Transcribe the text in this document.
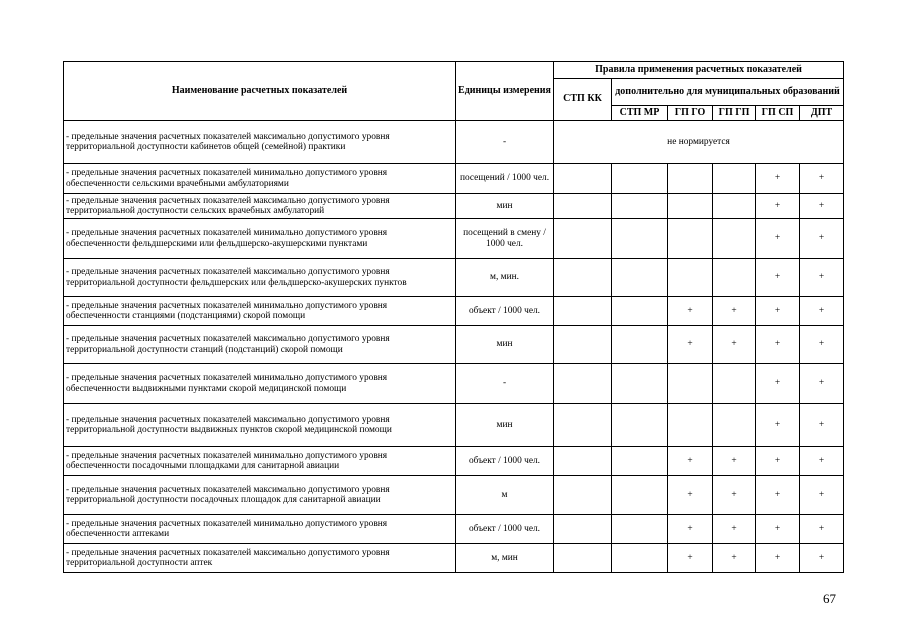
Наименование расчетных показателей	Единицы измерения	Правила применения расчетных показателей					
		СТП КК	дополнительно для муниципальных образований				
			СТП МР	ГП ГО	ГП ГП	ГП СП	ДПТ
- предельные значения расчетных показателей максимально допустимого уровня территориальной доступности кабинетов общей (семейной) практики	-	не нормируется					
- предельные значения расчетных показателей минимально допустимого уровня обеспеченности сельскими врачебными амбулаториями	посещений / 1000 чел.					+	+
- предельные значения расчетных показателей максимально допустимого уровня территориальной доступности сельских врачебных амбулаторий	мин					+	+
- предельные значения расчетных показателей минимально допустимого уровня обеспеченности фельдшерскими или фельдшерско-акушерскими пунктами	посещений в смену / 1000 чел.					+	+
- предельные значения расчетных показателей максимально допустимого уровня территориальной доступности фельдшерских или фельдшерско-акушерских пунктов	м, мин.					+	+
- предельные значения расчетных показателей минимально допустимого уровня обеспеченности станциями (подстанциями) скорой помощи	объект / 1000 чел.			+	+	+	+
- предельные значения расчетных показателей максимально допустимого уровня территориальной доступности станций (подстанций) скорой помощи	мин			+	+	+	+
- предельные значения расчетных показателей минимально допустимого уровня обеспеченности выдвижными пунктами скорой медицинской помощи	-					+	+
- предельные значения расчетных показателей максимально допустимого уровня территориальной доступности выдвижных пунктов скорой медицинской помощи	мин					+	+
- предельные значения расчетных показателей минимально допустимого уровня обеспеченности посадочными площадками для санитарной авиации	объект / 1000 чел.			+	+	+	+
- предельные значения расчетных показателей максимально допустимого уровня территориальной доступности посадочных площадок для санитарной авиации	м			+	+	+	+
- предельные значения расчетных показателей минимально допустимого уровня обеспеченности аптеками	объект / 1000 чел.			+	+	+	+
- предельные значения расчетных показателей максимально допустимого уровня территориальной доступности аптек	м, мин			+	+	+	+
67
